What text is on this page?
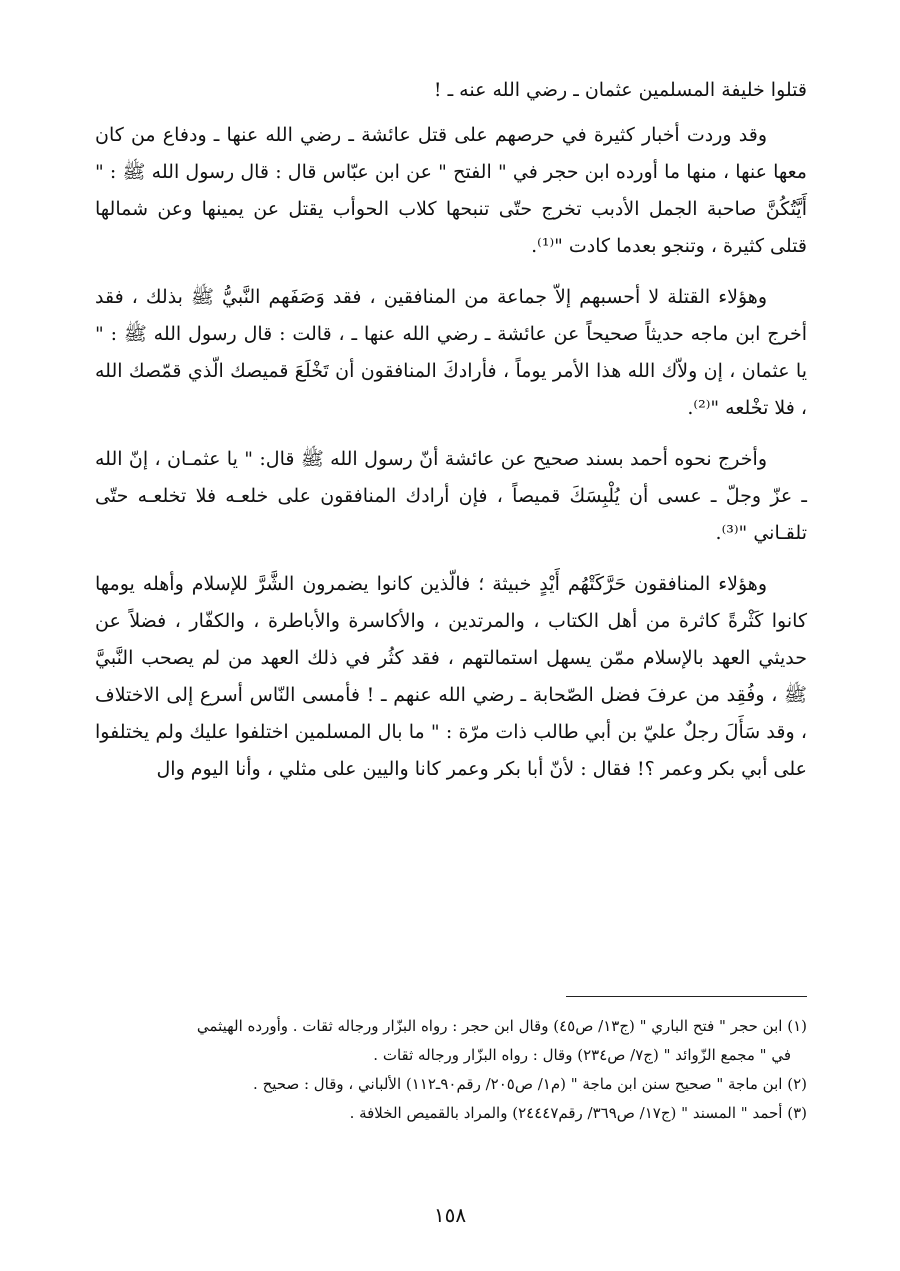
قتلوا خليفة المسلمين عثمان ـ رضي الله عنه ـ !

وقد وردت أخبار كثيرة في حرصهم على قتل عائشة ـ رضي الله عنها ـ ودفاع من كان معها عنها ، منها ما أورده ابن حجر في " الفتح " عن ابن عبّاس قال : قال رسول الله ﷺ : " أَيَّتُكُنَّ صاحبة الجمل الأدبب تخرج حتّى تنبحها كلاب الحوأب يقتل عن يمينها وعن شمالها قتلى كثيرة ، وتنجو بعدما كادت "⁽¹⁾.

وهؤلاء القتلة لا أحسبهم إلاّ جماعة من المنافقين ، فقد وَصَفَهم النَّبيُّ ﷺ بذلك ، فقد أخرج ابن ماجه حديثاً صحيحاً عن عائشة ـ رضي الله عنها ـ ، قالت : قال رسول الله ﷺ : " يا عثمان ، إن ولاّك الله هذا الأمر يوماً ، فأرادكَ المنافقون أن تَخْلَعَ قميصك الّذي قمّصك الله ، فلا تخْلعه "⁽²⁾.

وأخرج نحوه أحمد بسند صحيح عن عائشة أنّ رسول الله ﷺ قال: " يا عثمـان ، إنّ الله ـ عزّ وجلّ ـ عسى أن يُلْبِسَكَ قميصاً ، فإن أرادك المنافقون على خلعـه فلا تخلعـه حتّى تلقـاني "⁽³⁾.

وهؤلاء المنافقون حَرَّكَتْهُم أَيْدٍ خبيثة ؛ فالّذين كانوا يضمرون الشَّرَّ للإسلام وأهله يومها كانوا كَثْرةً كاثرة من أهل الكتاب ، والمرتدين ، والأكاسرة والأباطرة ، والكفّار ، فضلاً عن حديثي العهد بالإسلام ممّن يسهل استمالتهم ، فقد كثُر في ذلك العهد من لم يصحب النَّبيَّ ﷺ ، وفُقِد من عرفَ فضل الصّحابة ـ رضي الله عنهم ـ ! فأمسى النّاس أسرع إلى الاختلاف ، وقد سَأَلَ رجلٌ عليّ بن أبي طالب ذات مرّة : " ما بال المسلمين اختلفوا عليك ولم يختلفوا على أبي بكر وعمر ؟! فقال : لأنّ أبا بكر وعمر كانا واليين على مثلي ، وأنا اليوم وال

(١) ابن حجر " فتح الباري " (ج١٣/ ص٤٥) وقال ابن حجر : رواه البزّار ورجاله ثقات . وأورده الهيثمي

في " مجمع الزّوائد " (ج٧/ ص٢٣٤) وقال : رواه البزّار ورجاله ثقات .

(٢) ابن ماجة " صحيح سنن ابن ماجة " (م١/ ص٢٠٥/ رقم٩٠ـ١١٢) الألباني ، وقال : صحيح .

(٣) أحمد " المسند " (ج١٧/ ص٣٦٩/ رقم٢٤٤٤٧) والمراد بالقميص الخلافة .

١٥٨
